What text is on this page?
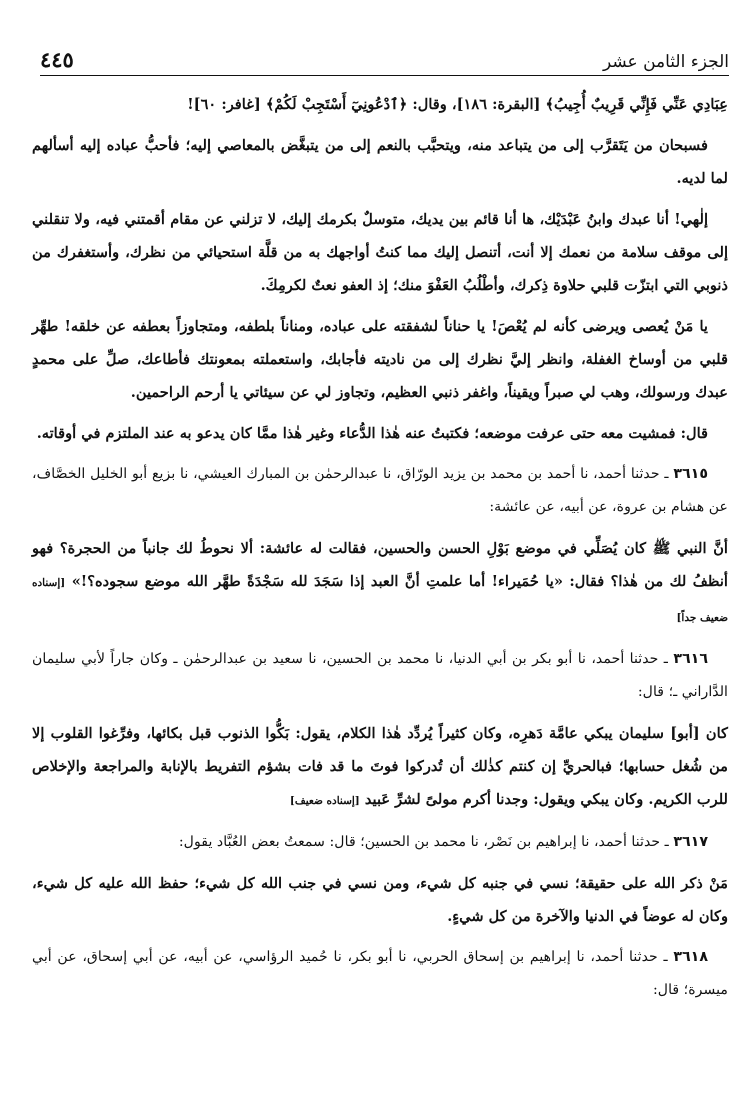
الجزء الثامن عشر
٤٤٥

عِبَادِي عَنِّي فَإِنِّي قَرِيبٌ أُجِيبُ﴾ [البقرة: ١٨٦]، وقال: ﴿ٱدْعُونِيٓ أَسْتَجِبْ لَكُمْ﴾ [غافر: ٦٠]!

فسبحان من يَتَقرَّب إلى من يتباعد منه، ويتحبَّب بالنعم إلى من يتبغَّض بالمعاصي إليه؛ فأحبُّ عباده إليه أسألهم لما لديه.

إلٰهي! أنا عبدك وابنُ عَبْدَيْك، ها أنا قائم بين يديك، متوسلٌ بكرمك إليك، لا تزلني عن مقام أقمتني فيه، ولا تنقلني إلى موقف سلامة من نعمك إلا أنت، أتنصل إليك مما كنتُ أواجهك به من قلَّة استحيائي من نظرك، وأستغفرك من ذنوبي التي ابتزّت قلبي حلاوة ذِكرك، وأطْلُبُ العَفْوَ منك؛ إذ العفو نعتٌ لكرمِكَ.

يا مَنْ يُعصى ويرضى كأنه لم يُعْصَ! يا حناناً لشفقته على عباده، ومناناً بلطفه، ومتجاوزاً بعطفه عن خلقه! طهِّر قلبي من أوساخ الغفلة، وانظر إليَّ نظرك إلى من ناديته فأجابك، واستعملته بمعونتك فأطاعك، صلِّ على محمدٍ عبدك ورسولك، وهب لي صبراً ويقيناً، واغفر ذنبي العظيم، وتجاوز لي عن سيئاتي يا أرحم الراحمين.

قال: فمشيت معه حتى عرفت موضعه؛ فكتبتُ عنه هٰذا الدُّعاء وغير هٰذا ممَّا كان يدعو به عند الملتزم في أوقاته.

٣٦١٥ ـ حدثنا أحمد، نا أحمد بن محمد بن يزيد الورّاق، نا عبدالرحمٰن بن المبارك العيشي، نا بزيع أبو الخليل الخصَّاف، عن هشام بن عروة، عن أبيه، عن عائشة:

أنَّ النبي ﷺ كان يُصَلِّي في موضع بَوْلِ الحسن والحسين، فقالت له عائشة: ألا نحوطُ لك جانباً من الحجرة؟ فهو أنظفُ لك من هٰذا؟ فقال: «يا حُمَيراء! أما علمتِ أنَّ العبد إذا سَجَدَ لله سَجْدَةً طهَّر الله موضع سجوده؟!» [إسناده ضعيف جداً]

٣٦١٦ ـ حدثنا أحمد، نا أبو بكر بن أبي الدنيا، نا محمد بن الحسين، نا سعيد بن عبدالرحمٰن ـ وكان جاراً لأبي سليمان الدَّاراني ـ؛ قال:

كان [أبو] سليمان يبكي عامَّة دَهرِه، وكان كثيراً يُردِّد هٰذا الكلام، يقول: بَكُّوا الذنوب قبل بكائها، وفرِّغوا القلوب إلا من شُغل حسابها؛ فبالحريِّ إن كنتم كذٰلك أن تُدركوا فوتَ ما قد فات بشؤم التفريط بالإنابة والمراجعة والإخلاص للرب الكريم. وكان يبكي ويقول: وجدنا أكرم مولىً لشرِّ عَبيد [إسناده ضعيف]

٣٦١٧ ـ حدثنا أحمد، نا إبراهيم بن نَصْر، نا محمد بن الحسين؛ قال: سمعتُ بعض العُبَّاد يقول:

مَنْ ذكر الله على حقيقة؛ نسي في جنبه كل شيء، ومن نسي في جنب الله كل شيء؛ حفظ الله عليه كل شيء، وكان له عوضاً في الدنيا والآخرة من كل شيءٍ.

٣٦١٨ ـ حدثنا أحمد، نا إبراهيم بن إسحاق الحربي، نا أبو بكر، نا حُميد الرؤاسي، عن أبيه، عن أبي إسحاق، عن أبي ميسرة؛ قال:
